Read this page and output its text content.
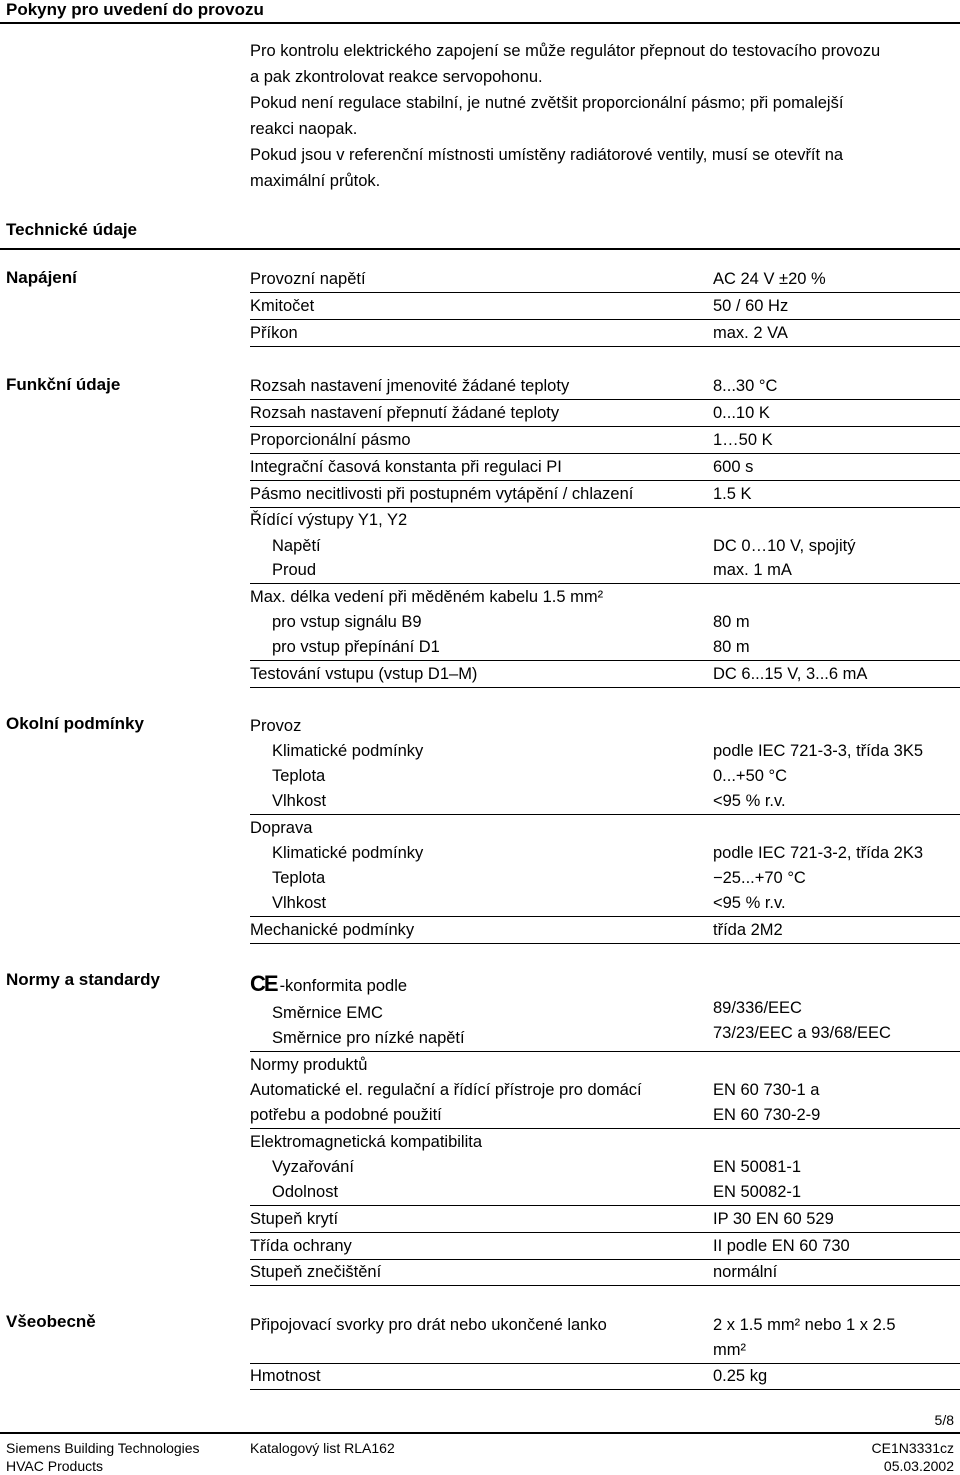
Pokyny pro uvedení do provozu
Pro kontrolu elektrického zapojení se může regulátor přepnout do testovacího provozu
a pak zkontrolovat reakce servopohonu.
Pokud není regulace stabilní, je nutné zvětšit proporcionální pásmo; při pomalejší
reakci naopak.
Pokud jsou v referenční místnosti umístěny radiátorové ventily, musí se otevřít na
maximální průtok.
Technické údaje
Napájení	Provozní napětí	AC 24 V ±20 %
Kmitočet	50 / 60 Hz
Příkon	max. 2 VA
Funkční údaje	Rozsah nastavení jmenovité žádané teploty	8...30 °C
Rozsah nastavení přepnutí žádané teploty	0...10 K
Proporcionální pásmo	1…50 K
Integrační časová konstanta při regulaci PI	600 s
Pásmo necitlivosti při postupném vytápění / chlazení	1.5 K
Řídící výstupy Y1, Y2
Napětí	DC 0…10 V, spojitý
Proud	max. 1 mA
Max. délka vedení při měděném kabelu 1.5 mm²
pro vstup signálu B9	80 m
pro vstup přepínání D1	80 m
Testování vstupu (vstup D1–M)	DC 6...15 V, 3...6 mA
Okolní podmínky	Provoz
Klimatické podmínky	podle IEC 721-3-3, třída 3K5
Teplota	0...+50 °C
Vlhkost	<95 % r.v.
Doprava
Klimatické podmínky	podle IEC 721-3-2, třída 2K3
Teplota	−25...+70 °C
Vlhkost	<95 % r.v.
Mechanické podmínky	třída 2M2
Normy a standardy	CE -konformita podle
Směrnice EMC	89/336/EEC
Směrnice pro nízké napětí	73/23/EEC a 93/68/EEC
Normy produktů
Automatické el. regulační a řídící přístroje pro domácí	EN 60 730-1 a
potřebu a podobné použití	EN 60 730-2-9
Elektromagnetická kompatibilita
Vyzařování	EN 50081-1
Odolnost	EN 50082-1
Stupeň krytí	IP 30 EN 60 529
Třída ochrany	II podle EN 60 730
Stupeň znečištění	normální
Všeobecně	Připojovací svorky pro drát nebo ukončené lanko	2 x 1.5 mm² nebo 1 x 2.5
mm²
Hmotnost	0.25 kg
5/8
Siemens Building Technologies
HVAC Products
Katalogový list RLA162	CE1N3331cz
05.03.2002
